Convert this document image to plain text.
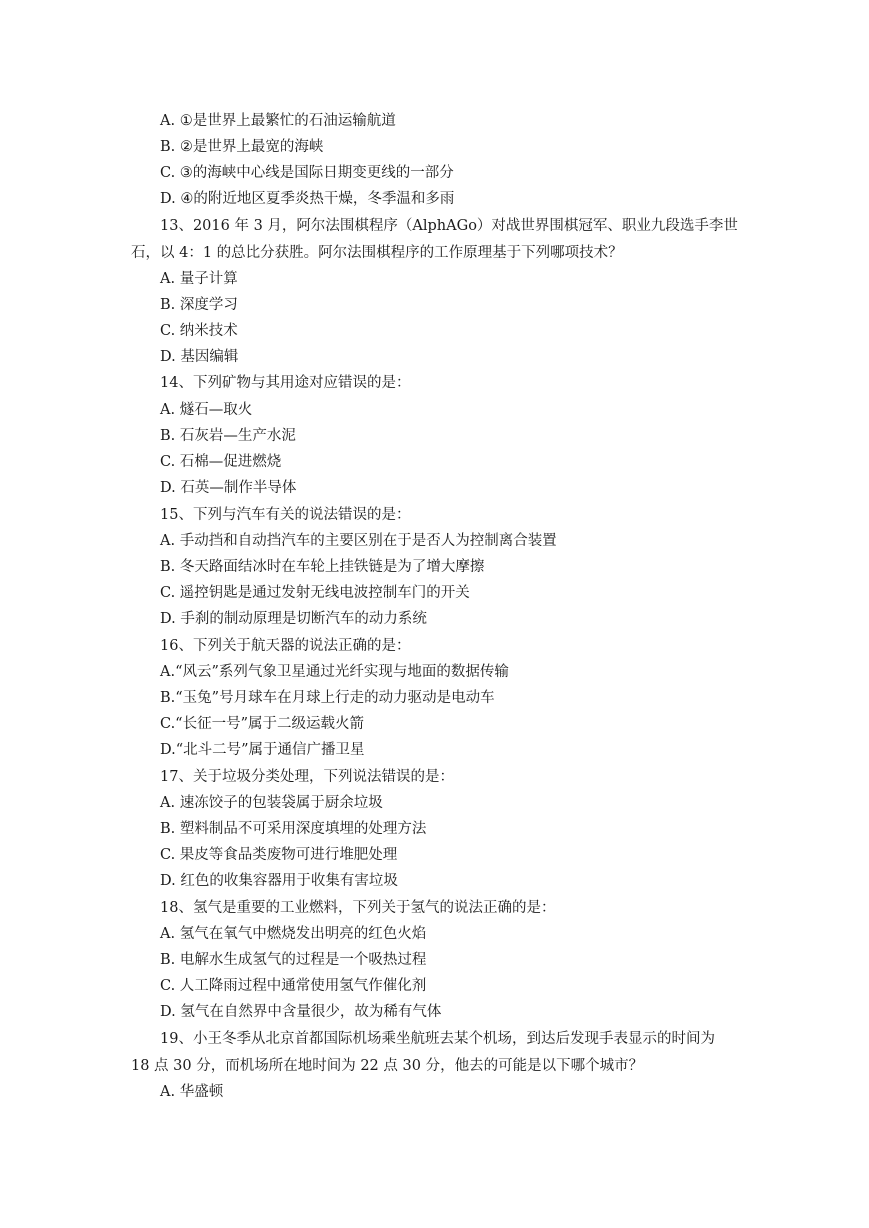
A. ①是世界上最繁忙的石油运输航道
B. ②是世界上最宽的海峡
C. ③的海峡中心线是国际日期变更线的一部分
D. ④的附近地区夏季炎热干燥，冬季温和多雨
13、2016 年 3 月，阿尔法围棋程序（AlphAGo）对战世界围棋冠军、职业九段选手李世
石，以 4：1 的总比分获胜。阿尔法围棋程序的工作原理基于下列哪项技术？
A. 量子计算
B. 深度学习
C. 纳米技术
D. 基因编辑
14、下列矿物与其用途对应错误的是：
A. 燧石—取火
B. 石灰岩—生产水泥
C. 石棉—促进燃烧
D. 石英—制作半导体
15、下列与汽车有关的说法错误的是：
A. 手动挡和自动挡汽车的主要区别在于是否人为控制离合装置
B. 冬天路面结冰时在车轮上挂铁链是为了增大摩擦
C. 遥控钥匙是通过发射无线电波控制车门的开关
D. 手刹的制动原理是切断汽车的动力系统
16、下列关于航天器的说法正确的是：
A.“风云”系列气象卫星通过光纤实现与地面的数据传输
B.“玉兔”号月球车在月球上行走的动力驱动是电动车
C.“长征一号”属于二级运载火箭
D.“北斗二号”属于通信广播卫星
17、关于垃圾分类处理，下列说法错误的是：
A. 速冻饺子的包装袋属于厨余垃圾
B. 塑料制品不可采用深度填埋的处理方法
C. 果皮等食品类废物可进行堆肥处理
D. 红色的收集容器用于收集有害垃圾
18、氢气是重要的工业燃料，下列关于氢气的说法正确的是：
A. 氢气在氧气中燃烧发出明亮的红色火焰
B. 电解水生成氢气的过程是一个吸热过程
C. 人工降雨过程中通常使用氢气作催化剂
D. 氢气在自然界中含量很少，故为稀有气体
19、小王冬季从北京首都国际机场乘坐航班去某个机场，到达后发现手表显示的时间为
18 点 30 分，而机场所在地时间为 22 点 30 分，他去的可能是以下哪个城市？
A. 华盛顿
